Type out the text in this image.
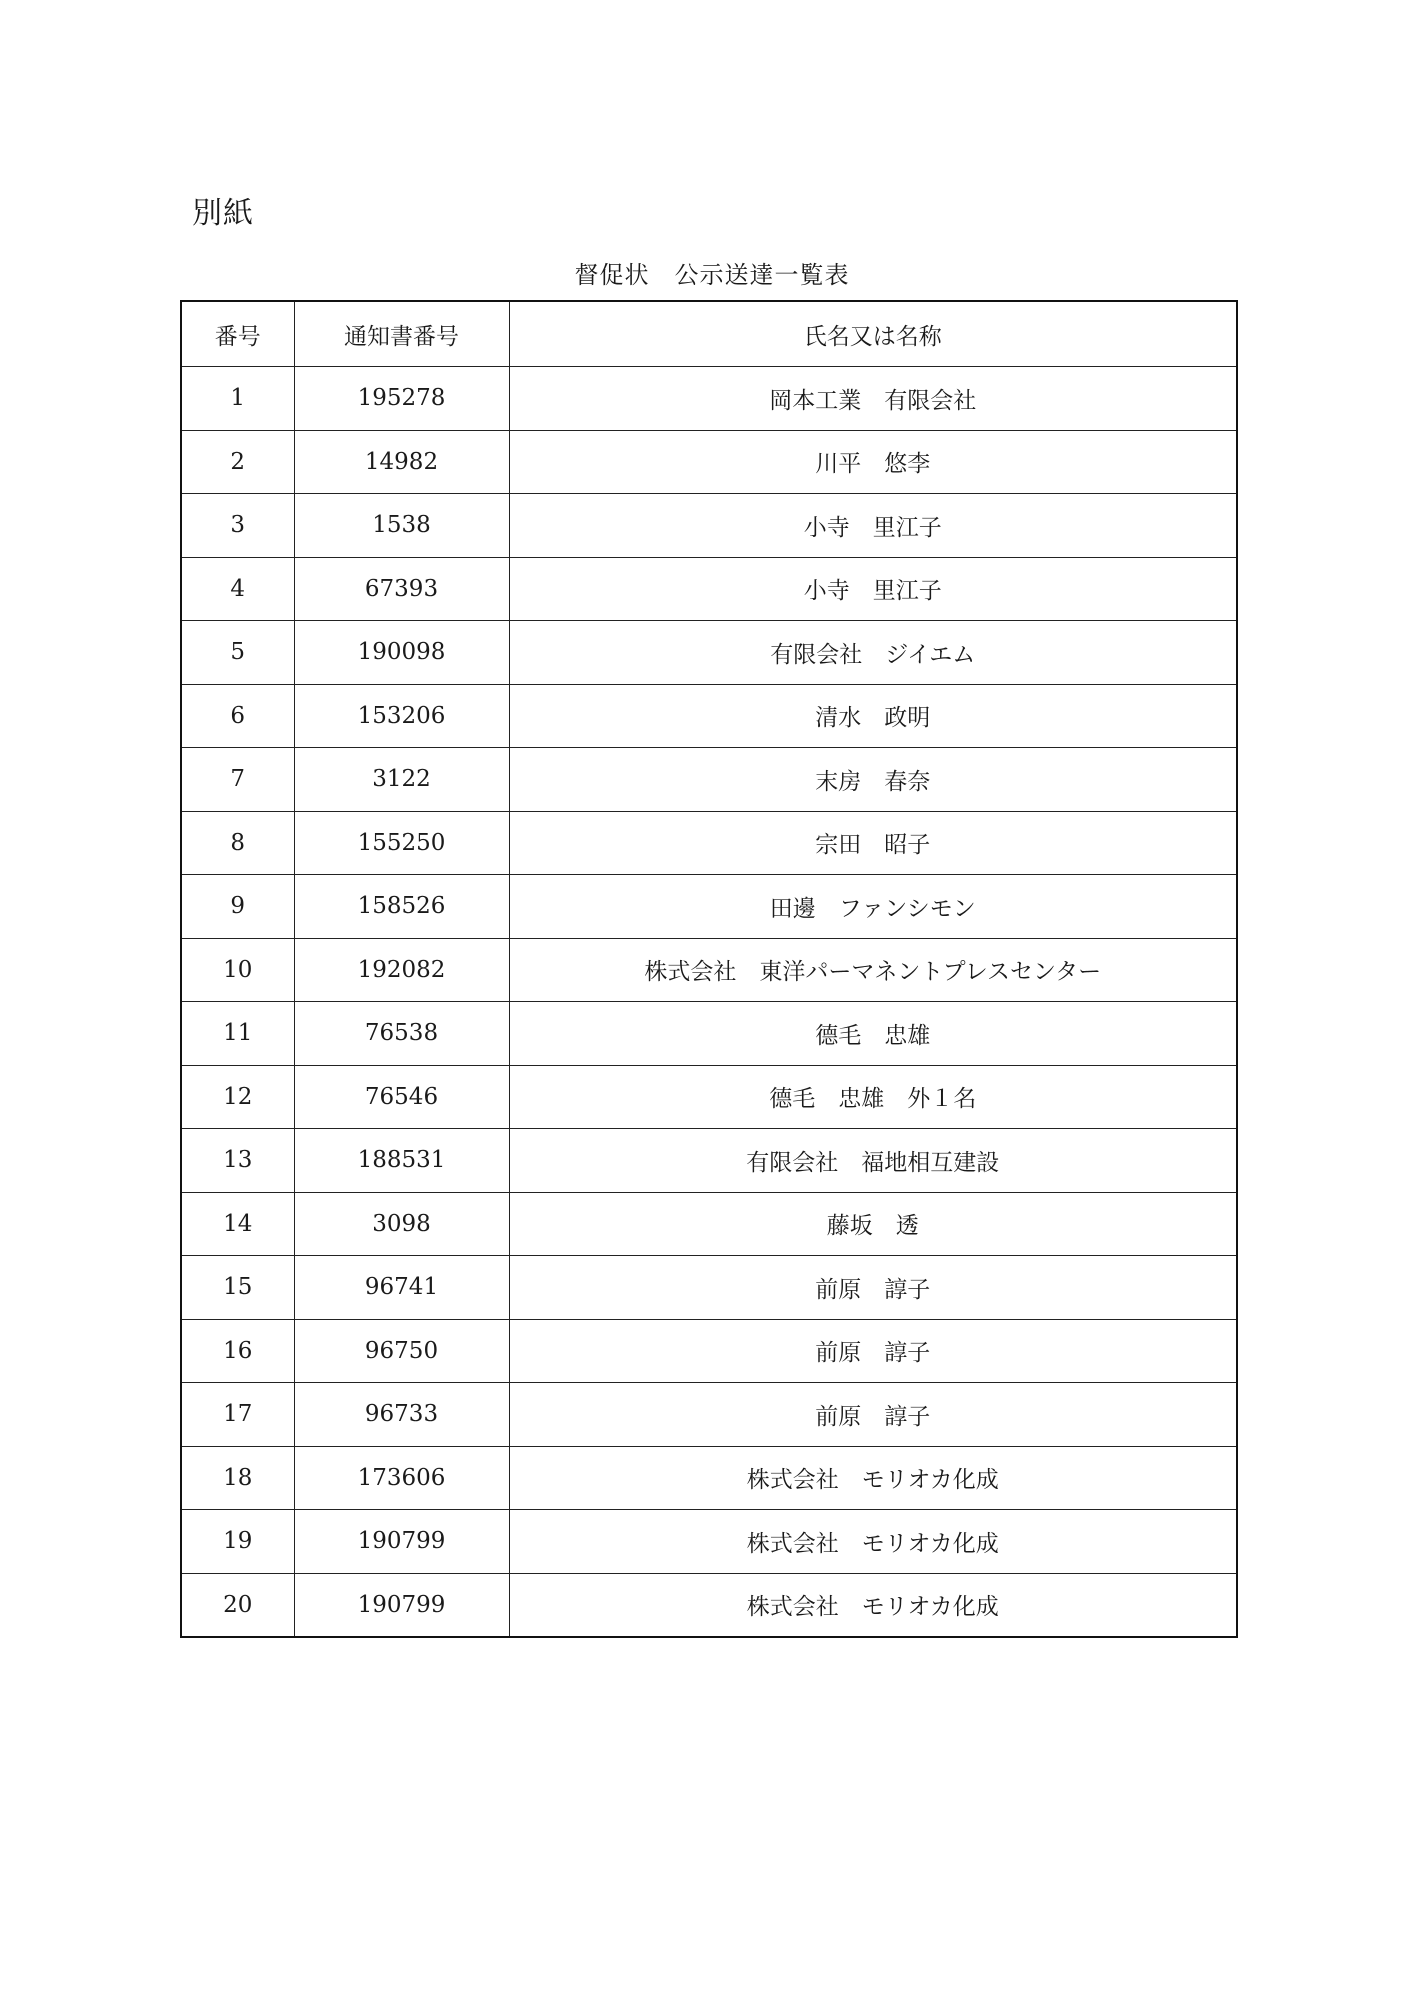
別紙
督促状　公示送達一覧表
番号	通知書番号	氏名又は名称
1	195278	岡本工業　有限会社
2	14982	川平　悠李
3	1538	小寺　里江子
4	67393	小寺　里江子
5	190098	有限会社　ジイエム
6	153206	清水　政明
7	3122	末房　春奈
8	155250	宗田　昭子
9	158526	田邊　ファンシモン
10	192082	株式会社　東洋パーマネントプレスセンター
11	76538	德毛　忠雄
12	76546	德毛　忠雄　外１名
13	188531	有限会社　福地相互建設
14	3098	藤坂　透
15	96741	前原　諄子
16	96750	前原　諄子
17	96733	前原　諄子
18	173606	株式会社　モリオカ化成
19	190799	株式会社　モリオカ化成
20	190799	株式会社　モリオカ化成
